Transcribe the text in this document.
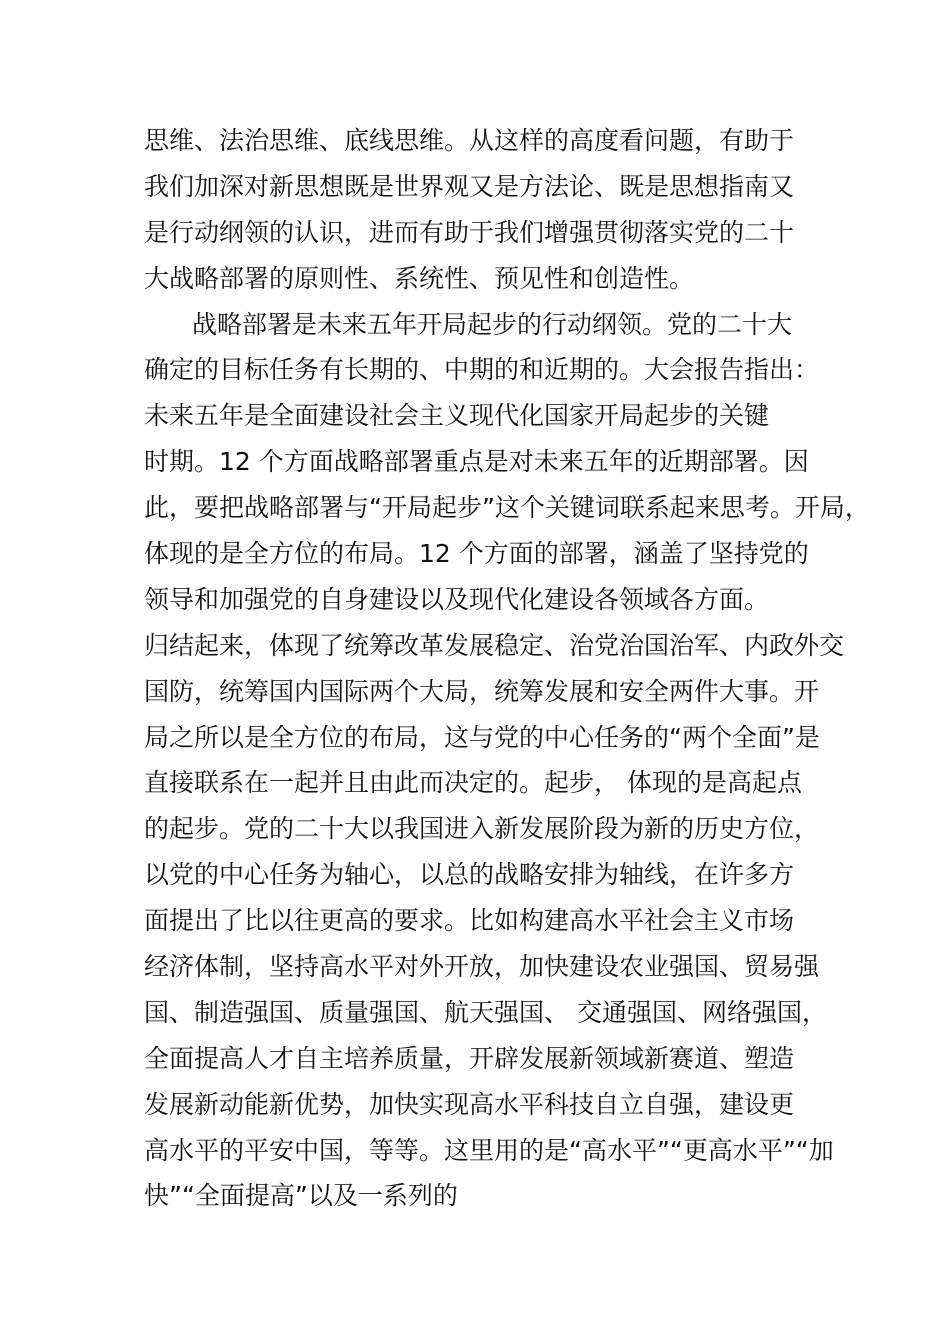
思维、法治思维、底线思维。从这样的高度看问题，有助于
我们加深对新思想既是世界观又是方法论、既是思想指南又
是行动纲领的认识，进而有助于我们增强贯彻落实党的二十
大战略部署的原则性、系统性、预见性和创造性。
战略部署是未来五年开局起步的行动纲领。党的二十大
确定的目标任务有长期的、中期的和近期的。大会报告指出：
未来五年是全面建设社会主义现代化国家开局起步的关键
时期。12 个方面战略部署重点是对未来五年的近期部署。因
此，要把战略部署与“开局起步”这个关键词联系起来思考。开局，
体现的是全方位的布局。12 个方面的部署，涵盖了坚持党的
领导和加强党的自身建设以及现代化建设各领域各方面。
归结起来，体现了统筹改革发展稳定、治党治国治军、内政外交
国防，统筹国内国际两个大局，统筹发展和安全两件大事。开
局之所以是全方位的布局，这与党的中心任务的“两个全面”是
直接联系在一起并且由此而决定的。起步， 体现的是高起点
的起步。党的二十大以我国进入新发展阶段为新的历史方位，
以党的中心任务为轴心，以总的战略安排为轴线，在许多方
面提出了比以往更高的要求。比如构建高水平社会主义市场
经济体制，坚持高水平对外开放，加快建设农业强国、贸易强
国、制造强国、质量强国、航天强国、 交通强国、网络强国，
全面提高人才自主培养质量，开辟发展新领域新赛道、塑造
发展新动能新优势，加快实现高水平科技自立自强，建设更
高水平的平安中国，等等。这里用的是“高水平”“更高水平”“加
快”“全面提高”以及一系列的
